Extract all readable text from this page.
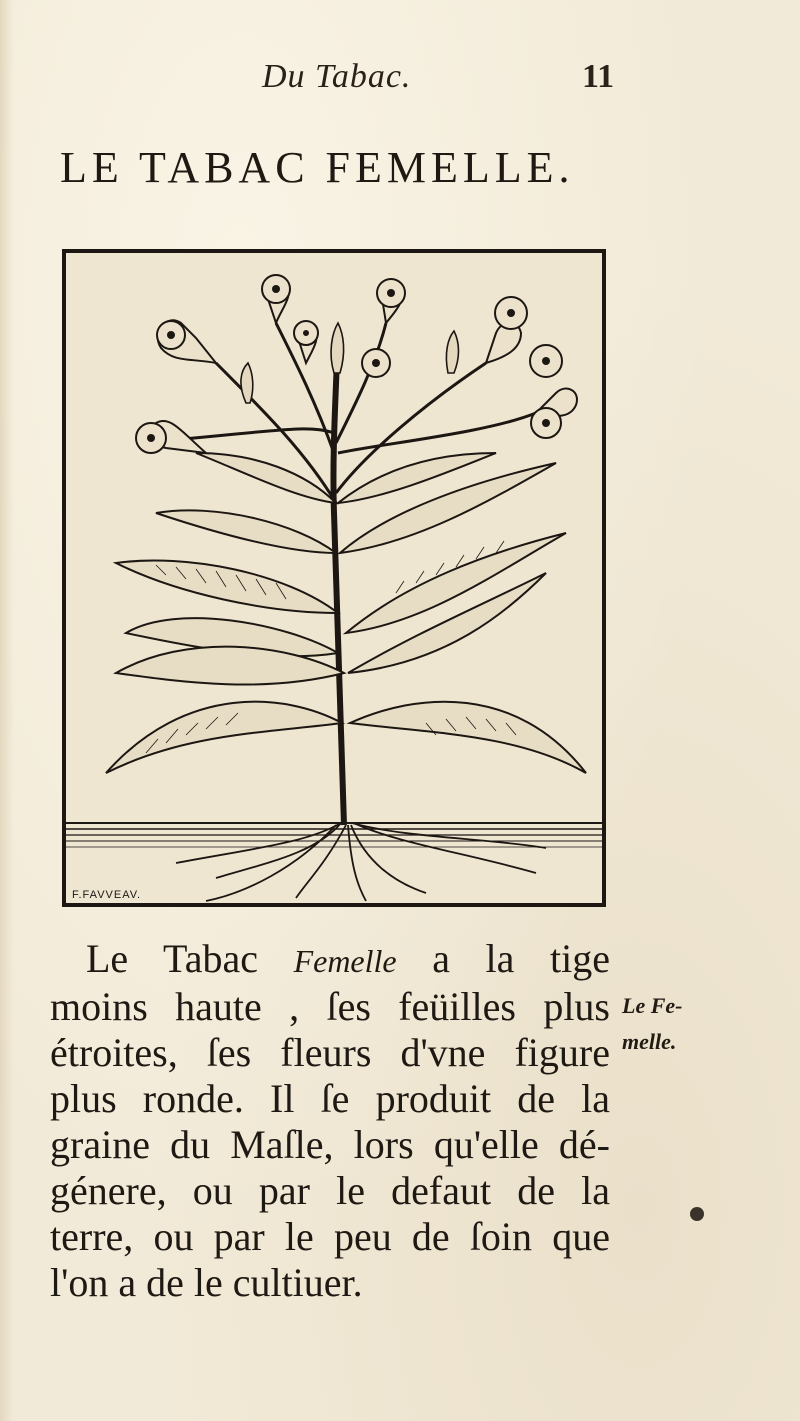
Du Tabac.	11
LE TABAC FEMELLE.
F.FAVVEAV.
Le Tabac Femelle a la tige
moins haute , ſes feüilles plus
étroites, ſes fleurs d'vne figure
plus ronde. Il ſe produit de la
graine du Maſle, lors qu'elle dé-
génere, ou par le defaut de la
terre, ou par le peu de ſoin que
l'on a de le cultiuer.
Le Fe-
melle.
